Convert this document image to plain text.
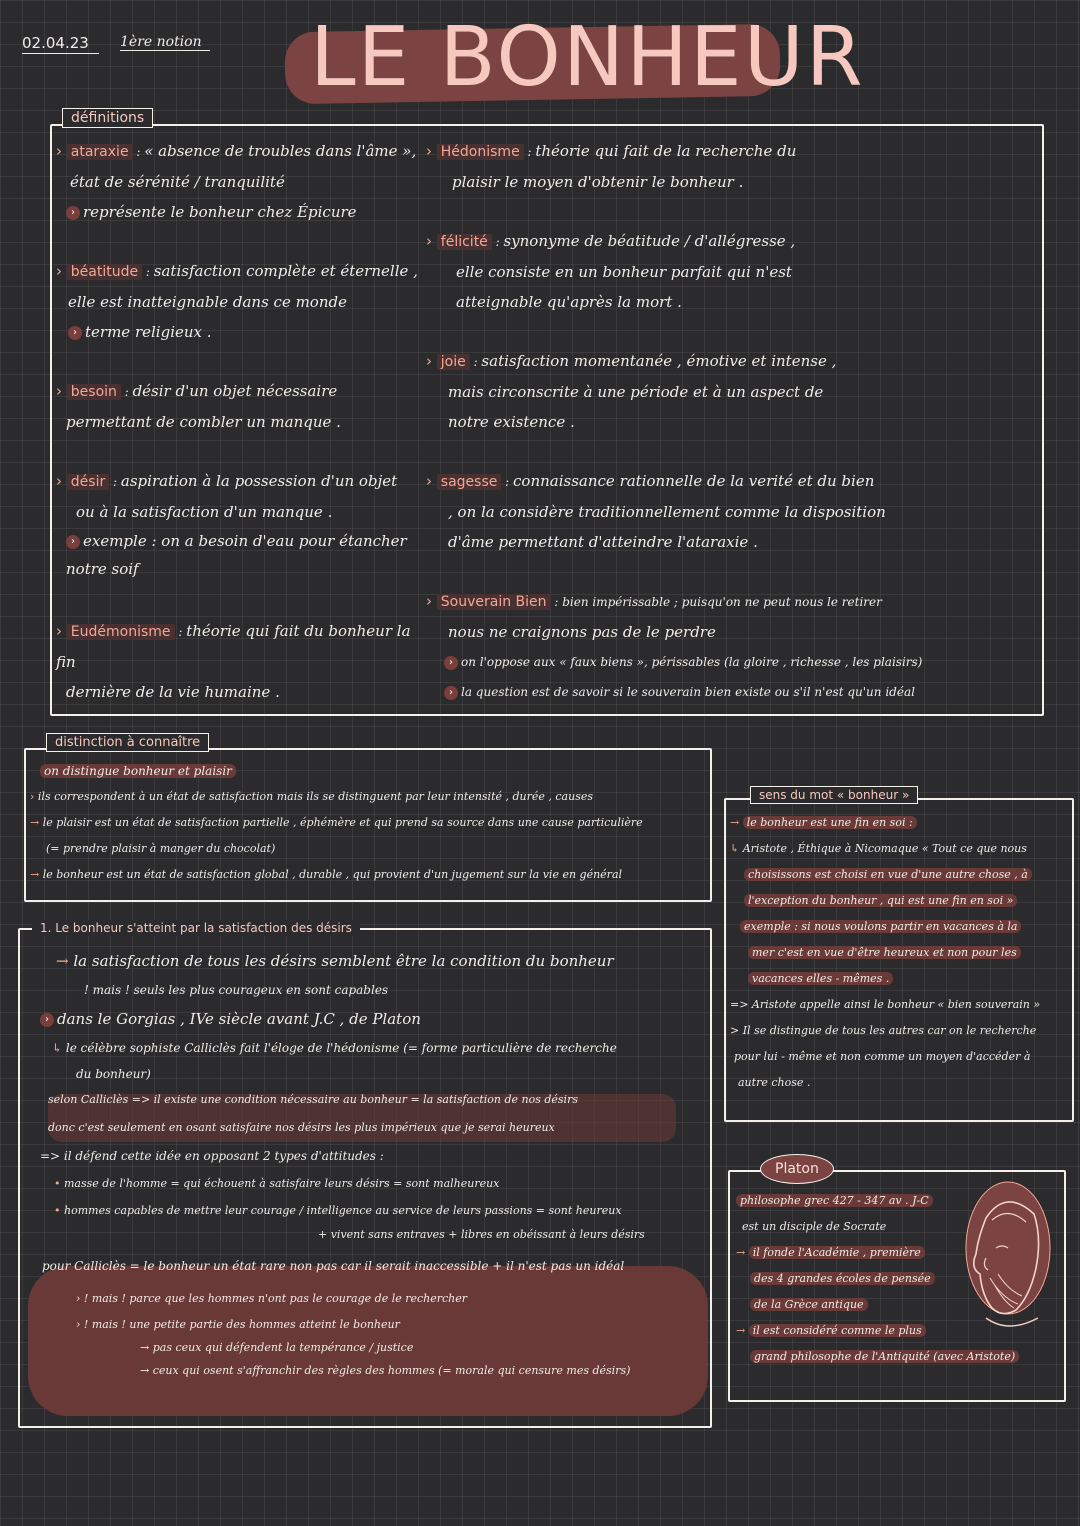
02.04.23	1ère notion LE BONHEUR
définitions
› ataraxie : « absence de troubles dans l'âme »,
état de sérénité / tranquilité
› représente le bonheur chez Épicure
› béatitude : satisfaction complète et éternelle ,
elle est inatteignable dans ce monde
› terme religieux .
› besoin : désir d'un objet nécessaire
permettant de combler un manque .
› désir : aspiration à la possession d'un objet
ou à la satisfaction d'un manque .
› exemple : on a besoin d'eau pour étancher notre soif
› Eudémonisme : théorie qui fait du bonheur la fin
dernière de la vie humaine .
› Hédonisme : théorie qui fait de la recherche du
plaisir le moyen d'obtenir le bonheur .
› félicité : synonyme de béatitude / d'allégresse ,
elle consiste en un bonheur parfait qui n'est
atteignable qu'après la mort .
› joie : satisfaction momentanée , émotive et intense ,
mais circonscrite à une période et à un aspect de
notre existence .
› sagesse : connaissance rationnelle de la verité et du bien
, on la considère traditionnellement comme la disposition
d'âme permettant d'atteindre l'ataraxie .
› Souverain Bien : bien impérissable ; puisqu'on ne peut nous le retirer
nous ne craignons pas de le perdre
› on l'oppose aux « faux biens », périssables (la gloire , richesse , les plaisirs)
› la question est de savoir si le souverain bien existe ou s'il n'est qu'un idéal
distinction à connaître
on distingue bonheur et plaisir
› ils correspondent à un état de satisfaction mais ils se distinguent par leur intensité , durée , causes
→ le plaisir est un état de satisfaction partielle , éphémère et qui prend sa source dans une cause particulière
(= prendre plaisir à manger du chocolat)
→ le bonheur est un état de satisfaction global , durable , qui provient d'un jugement sur la vie en général
1. Le bonheur s'atteint par la satisfaction des désirs
→ la satisfaction de tous les désirs semblent être la condition du bonheur
! mais ! seuls les plus courageux en sont capables
› dans le Gorgias , IVe siècle avant J.C , de Platon
↳ le célèbre sophiste Calliclès fait l'éloge de l'hédonisme (= forme particulière de recherche
du bonheur)
selon Calliclès => il existe une condition nécessaire au bonheur = la satisfaction de nos désirs
donc c'est seulement en osant satisfaire nos désirs les plus impérieux que je serai heureux
=> il défend cette idée en opposant 2 types d'attitudes :
• masse de l'homme = qui échouent à satisfaire leurs désirs = sont malheureux
• hommes capables de mettre leur courage / intelligence au service de leurs passions = sont heureux
+ vivent sans entraves + libres en obéissant à leurs désirs
pour Calliclès = le bonheur un état rare non pas car il serait inaccessible + il n'est pas un idéal
› ! mais ! parce que les hommes n'ont pas le courage de le rechercher
› ! mais ! une petite partie des hommes atteint le bonheur
→ pas ceux qui défendent la tempérance / justice
→ ceux qui osent s'affranchir des règles des hommes (= morale qui censure mes désirs)
sens du mot « bonheur »
→ le bonheur est une fin en soi :
↳ Aristote , Éthique à Nicomaque « Tout ce que nous
choisissons est choisi en vue d'une autre chose , à
l'exception du bonheur , qui est une fin en soi »
exemple : si nous voulons partir en vacances à la
mer c'est en vue d'être heureux et non pour les
vacances elles - mêmes .
=> Aristote appelle ainsi le bonheur « bien souverain »
> Il se distingue de tous les autres car on le recherche
pour lui - même et non comme un moyen d'accéder à
autre chose .
Platon
philosophe grec 427 - 347 av . J-C
est un disciple de Socrate
→ il fonde l'Académie , première
des 4 grandes écoles de pensée
de la Grèce antique
→ il est considéré comme le plus
grand philosophe de l'Antiquité (avec Aristote)
